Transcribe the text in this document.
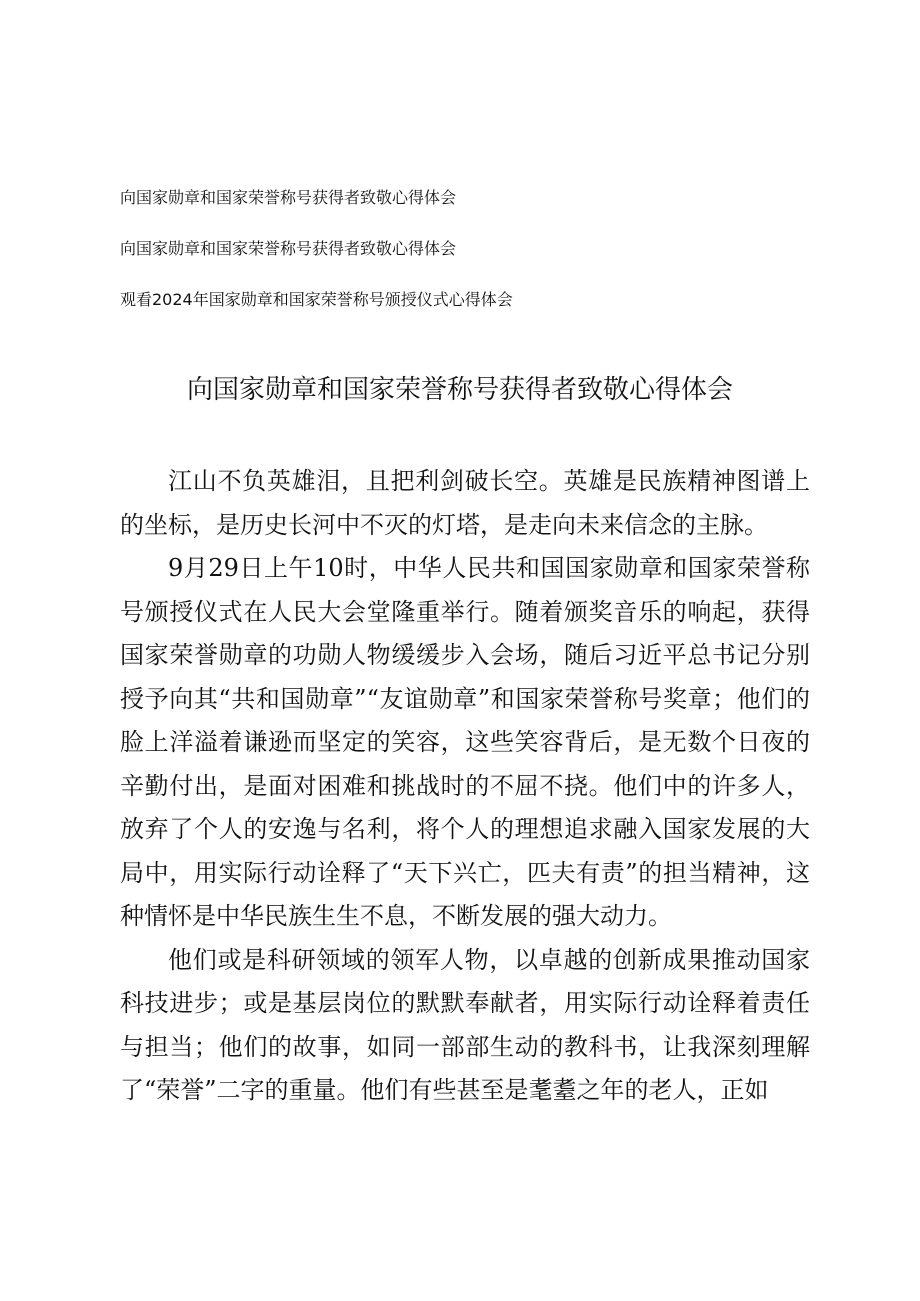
向国家勋章和国家荣誉称号获得者致敬心得体会
向国家勋章和国家荣誉称号获得者致敬心得体会
观看2024年国家勋章和国家荣誉称号颁授仪式心得体会
向国家勋章和国家荣誉称号获得者致敬心得体会

江山不负英雄泪，且把利剑破长空。英雄是民族精神图谱上的坐标，是历史长河中不灭的灯塔，是走向未来信念的主脉。

9月29日上午10时，中华人民共和国国家勋章和国家荣誉称号颁授仪式在人民大会堂隆重举行。随着颁奖音乐的响起，获得国家荣誉勋章的功勋人物缓缓步入会场，随后习近平总书记分别授予向其“共和国勋章”“友谊勋章”和国家荣誉称号奖章；他们的脸上洋溢着谦逊而坚定的笑容，这些笑容背后，是无数个日夜的辛勤付出，是面对困难和挑战时的不屈不挠。他们中的许多人，放弃了个人的安逸与名利，将个人的理想追求融入国家发展的大局中，用实际行动诠释了“天下兴亡，匹夫有责”的担当精神，这种情怀是中华民族生生不息，不断发展的强大动力。

他们或是科研领域的领军人物，以卓越的创新成果推动国家科技进步；或是基层岗位的默默奉献者，用实际行动诠释着责任与担当；他们的故事，如同一部部生动的教科书，让我深刻理解了“荣誉”二字的重量。他们有些甚至是耄耋之年的老人，正如
